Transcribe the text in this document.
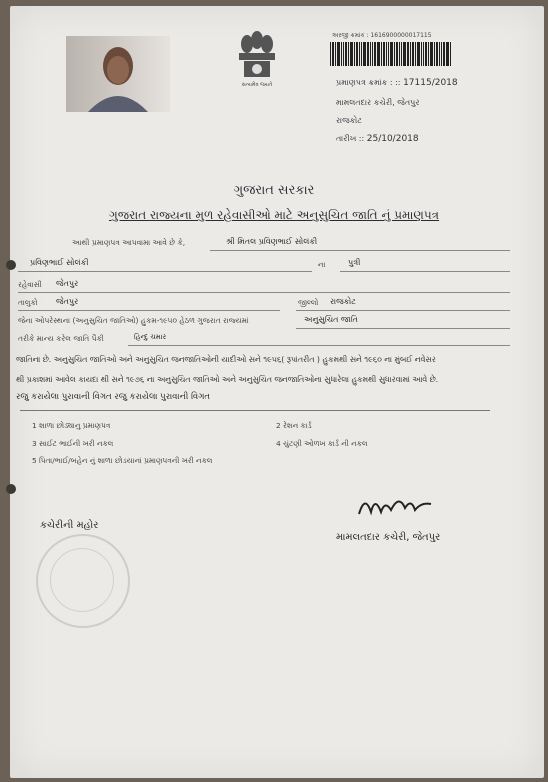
સત્યમેવ જયતે
અરજી ક્રમાંક : 1616900000017115
પ્રમાણપત્ર ક્રમાંક : :: 17115/2018
મામલતદાર કચેરી, જેતપુર
રાજકોટ
તારીખ :: 25/10/2018
ગુજરાત સરકાર
ગુજરાત રાજ્યના મુળ રહેવાસીઓ માટે અનુસુચિત જાતિ નું પ્રમાણપત્ર
આથી પ્રમાણપત્ર આપવામા આવે છે કે,	શ્રી મિતલ પ્રવિણભાઈ સોલંકી
પ્રવિણભાઈ સોલંકી	ના	પુત્રી
રહેવાસી જેતપુર
તાલુકો જેતપુર	જીલ્લો રાજકોટ
જેના ઓપરેસ્થના (અનુસુચિત જાતિઓ) હુકમ-૧૯૫૦ હેઠળ ગુજરાત રાજ્યમાં	અનુસુચિત જાતિ
તરીકે માન્ય કરેલ જાતિ પૈકી	હિન્દુ ચમાર
જાતિના છે. અનુસુચિત જાતિઓ અને અનુસુચિત જનજાતિઓની યાદીઓ સને ૧૯૫૬( રૂપાંતરીત ) હુકમથી સને ૧૯૬૦ ના મુંબઈ નવેસર
થી પ્રકાશમાં આવેલ કાયદા થી સને ૧૯૭૬ ના અનુસુચિત જાતિઓ અને અનુસુચિત જનજાતિઓના સુધારેલા હુકમથી સુધારવામાં આવે છે.
રજુ કરાયેલા પુરાવાની વિગત રજુ કરાયેલા પુરાવાની વિગત
1 શાળા છોડ્યાનુ પ્રમાણપત્ર	2 રેશન કાર્ડ
3 સાઈટ ભાઈની ખરી નકલ	4 ચુંટણી ઓળખ કાર્ડ ની નકલ
5 પિતા/ભાઈ/બહેન નું શાળા છોડયાનાં પ્રમાણપત્રની ખરી નકલ
કચેરીની મહોર
મામલતદાર કચેરી, જેતપુર
